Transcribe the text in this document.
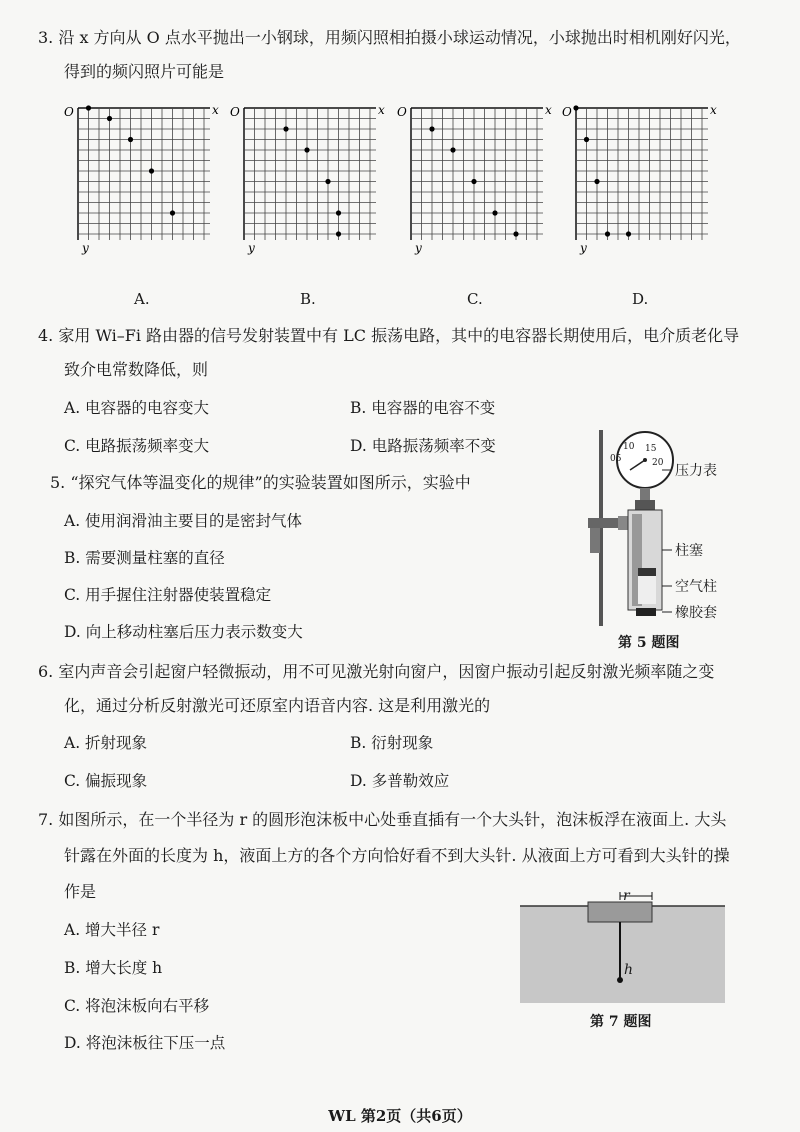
3. 沿 x 方向从 O 点水平抛出一小钢球，用频闪照相拍摄小球运动情况，小球抛出时相机刚好闪光，
得到的频闪照片可能是
O	x
y
A.
O	x
y
B.
O	x
y
C.
O	x
y
D.
4. 家用 Wi–Fi 路由器的信号发射装置中有 LC 振荡电路，其中的电容器长期使用后，电介质老化导
致介电常数降低，则
A. 电容器的电容变大	B. 电容器的电容不变
C. 电路振荡频率变大	D. 电路振荡频率不变
5. “探究气体等温变化的规律”的实验装置如图所示，实验中
A. 使用润滑油主要目的是密封气体
B. 需要测量柱塞的直径
C. 用手握住注射器使装置稳定
D. 向上移动柱塞后压力表示数变大
05
10 15
20 压力表
柱塞
空气柱
橡胶套
第 5 题图
6. 室内声音会引起窗户轻微振动，用不可见激光射向窗户，因窗户振动引起反射激光频率随之变
化，通过分析反射激光可还原室内语音内容. 这是利用激光的
A. 折射现象	B. 衍射现象
C. 偏振现象	D. 多普勒效应
7. 如图所示，在一个半径为 r 的圆形泡沫板中心处垂直插有一个大头针，泡沫板浮在液面上. 大头
针露在外面的长度为 h，液面上方的各个方向恰好看不到大头针. 从液面上方可看到大头针的操
作是
A. 增大半径 r
B. 增大长度 h
C. 将泡沫板向右平移
D. 将泡沫板往下压一点
r
h
第 7 题图
WL 第2页（共6页）
